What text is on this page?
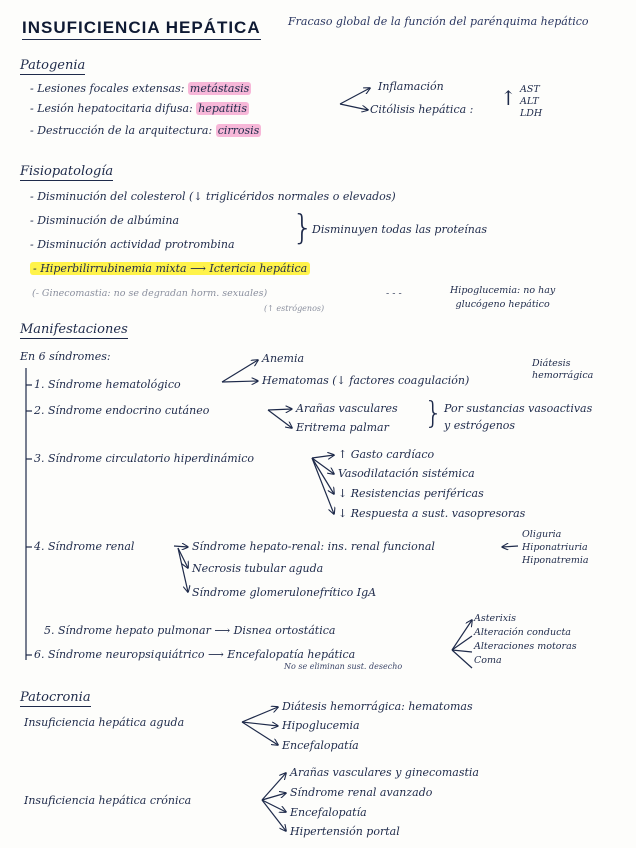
INSUFICIENCIA HEPÁTICA Fracaso global de la función del parénquima hepático
Patogenia
- Lesiones focales extensas: metástasis
- Lesión hepatocitaria difusa: hepatitis
- Destrucción de la arquitectura: cirrosis
Inflamación
Citólisis hepática : ↑ AST
ALT
LDH
Fisiopatología
- Disminución del colesterol (↓ triglicéridos normales o elevados)
- Disminución de albúmina
- Disminución actividad protrombina }
Disminuyen todas las proteínas
- Hiperbilirrubinemia mixta ⟶ Ictericia hepática
(- Ginecomastia: no se degradan horm. sexuales)
(↑ estrógenos)
- - -	Hipoglucemia: no hay
glucógeno hepático
Manifestaciones
En 6 síndromes:
1. Síndrome hematológico
Anemia
Hematomas (↓ factores coagulación)
Diátesis
hemorrágica
2. Síndrome endocrino cutáneo	Arañas vasculares
Eritrema palmar } Por sustancias vasoactivas
y estrógenos
3. Síndrome circulatorio hiperdinámico	↑ Gasto cardíaco
Vasodilatación sistémica
↓ Resistencias periféricas
↓ Respuesta a sust. vasopresoras
4. Síndrome renal	Síndrome hepato-renal: ins. renal funcional
Necrosis tubular aguda
Síndrome glomerulonefrítico IgA
Oliguria
Hiponatriuria
Hiponatremia
5. Síndrome hepato pulmonar ⟶ Disnea ortostática
6. Síndrome neuropsiquiátrico ⟶ Encefalopatía hepática
No se eliminan sust. desecho
Asterixis
Alteración conducta
Alteraciones motoras
Coma
Patocronia
Insuficiencia hepática aguda
Diátesis hemorrágica: hematomas
Hipoglucemia
Encefalopatía
Insuficiencia hepática crónica
Arañas vasculares y ginecomastia
Síndrome renal avanzado
Encefalopatía
Hipertensión portal
